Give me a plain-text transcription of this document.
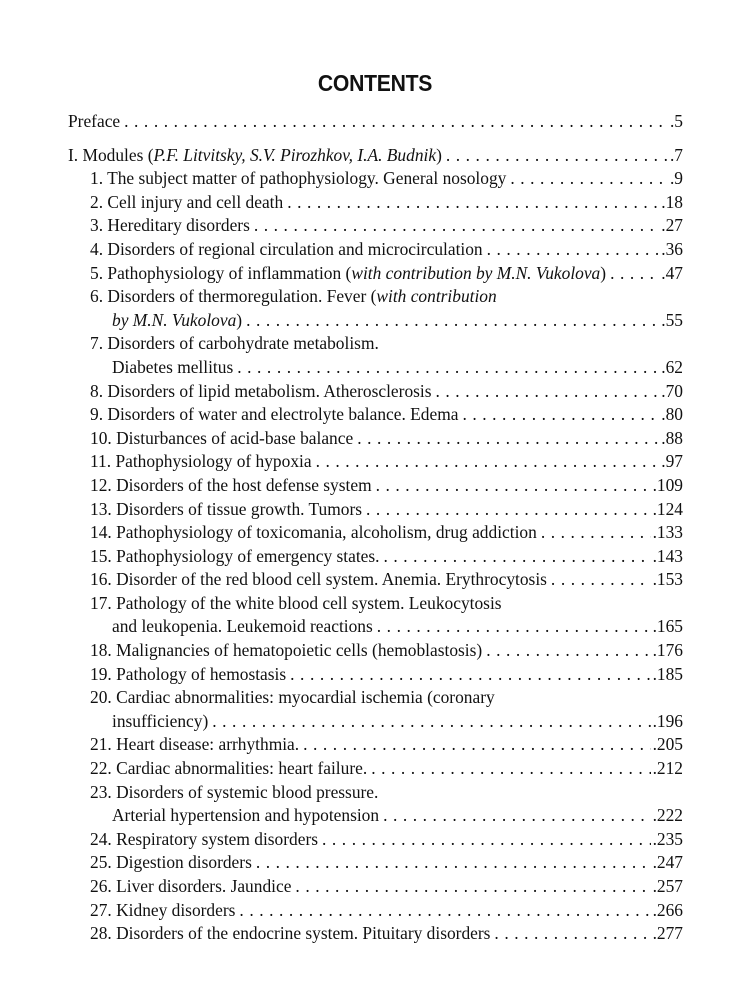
CONTENTS
Preface . . .	.5
I. Modules (P.F. Litvitsky, S.V. Pirozhkov, I.A. Budnik) . . .	.7
1. The subject matter of pathophysiology. General nosology . . .	.9
2. Cell injury and cell death . . .	.18
3. Hereditary disorders . . .	.27
4. Disorders of regional circulation and microcirculation . . .	.36
5. Pathophysiology of inflammation (with contribution by M.N. Vukolova) . . .	.47
6. Disorders of thermoregulation. Fever (with contribution
by M.N. Vukolova) . . .	.55
7. Disorders of carbohydrate metabolism.
Diabetes mellitus . . .	.62
8. Disorders of lipid metabolism. Atherosclerosis . . .	.70
9. Disorders of water and electrolyte balance. Edema . . .	.80
10. Disturbances of acid-base balance . . .	.88
11. Pathophysiology of hypoxia . . .	.97
12. Disorders of the host defense system . . .	.109
13. Disorders of tissue growth. Tumors . . .	.124
14. Pathophysiology of toxicomania, alcoholism, drug addiction . . .	.133
15. Pathophysiology of emergency states. . . .	.143
16. Disorder of the red blood cell system. Anemia. Erythrocytosis . . .	.153
17. Pathology of the white blood cell system. Leukocytosis
and leukopenia. Leukemoid reactions . . .	.165
18. Malignancies of hematopoietic cells (hemoblastosis) . . .	.176
19. Pathology of hemostasis . . .	.185
20. Cardiac abnormalities: myocardial ischemia (coronary
insufficiency) . . .	.196
21. Heart disease: arrhythmia. . . .	.205
22. Cardiac abnormalities: heart failure. . . .	.212
23. Disorders of systemic blood pressure.
Arterial hypertension and hypotension . . .	.222
24. Respiratory system disorders . . .	.235
25. Digestion disorders . . .	.247
26. Liver disorders. Jaundice . . .	.257
27. Kidney disorders . . .	.266
28. Disorders of the endocrine system. Pituitary disorders . . .	.277
